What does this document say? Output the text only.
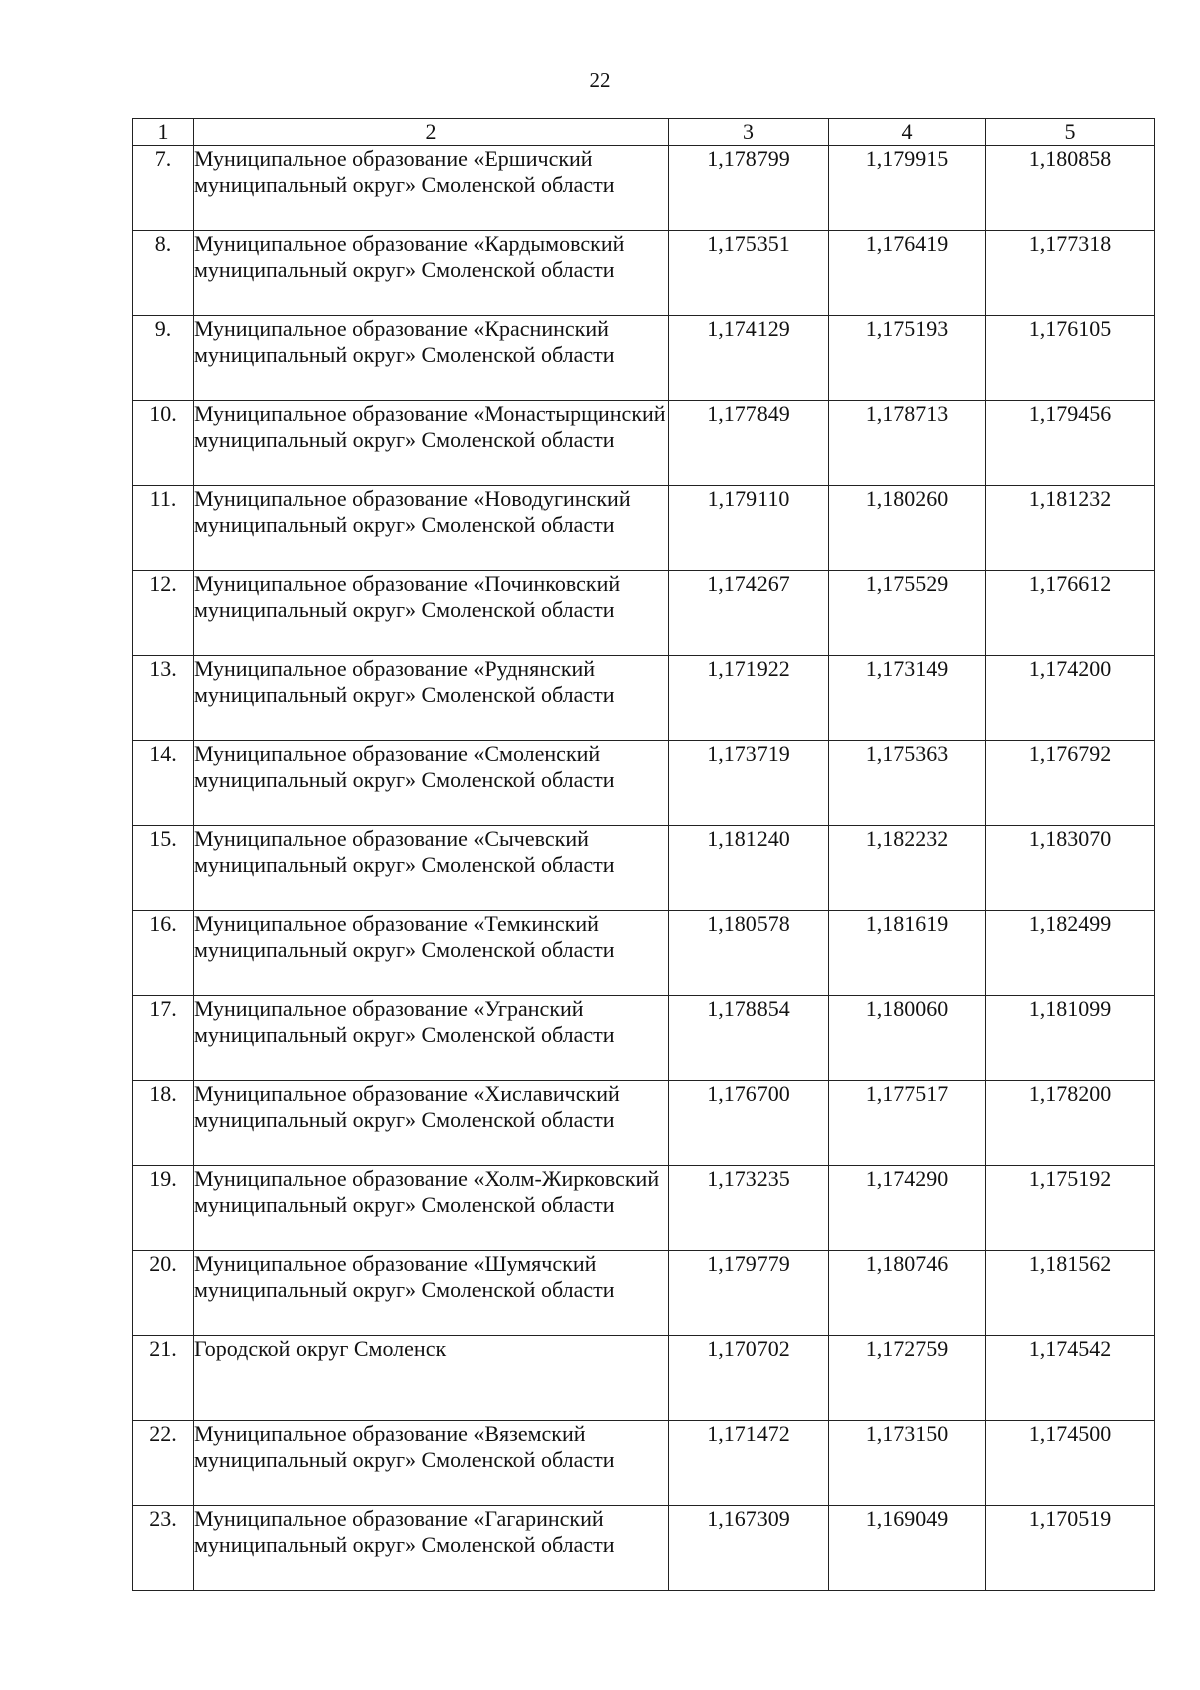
22
1	2	3	4	5
7.	Муниципальное образование «Ершичский муниципальный округ» Смоленской области	1,178799	1,179915	1,180858
8.	Муниципальное образование «Кардымовский муниципальный округ» Смоленской области	1,175351	1,176419	1,177318
9.	Муниципальное образование «Краснинский муниципальный округ» Смоленской области	1,174129	1,175193	1,176105
10.	Муниципальное образование «Монастырщинский муниципальный округ» Смоленской области	1,177849	1,178713	1,179456
11.	Муниципальное образование «Новодугинский муниципальный округ» Смоленской области	1,179110	1,180260	1,181232
12.	Муниципальное образование «Починковский муниципальный округ» Смоленской области	1,174267	1,175529	1,176612
13.	Муниципальное образование «Руднянский муниципальный округ» Смоленской области	1,171922	1,173149	1,174200
14.	Муниципальное образование «Смоленский муниципальный округ» Смоленской области	1,173719	1,175363	1,176792
15.	Муниципальное образование «Сычевский муниципальный округ» Смоленской области	1,181240	1,182232	1,183070
16.	Муниципальное образование «Темкинский муниципальный округ» Смоленской области	1,180578	1,181619	1,182499
17.	Муниципальное образование «Угранский муниципальный округ» Смоленской области	1,178854	1,180060	1,181099
18.	Муниципальное образование «Хиславичский муниципальный округ» Смоленской области	1,176700	1,177517	1,178200
19.	Муниципальное образование «Холм-Жирковский муниципальный округ» Смоленской области	1,173235	1,174290	1,175192
20.	Муниципальное образование «Шумячский муниципальный округ» Смоленской области	1,179779	1,180746	1,181562
21.	Городской округ Смоленск	1,170702	1,172759	1,174542
22.	Муниципальное образование «Вяземский муниципальный округ» Смоленской области	1,171472	1,173150	1,174500
23.	Муниципальное образование «Гагаринский муниципальный округ» Смоленской области	1,167309	1,169049	1,170519
